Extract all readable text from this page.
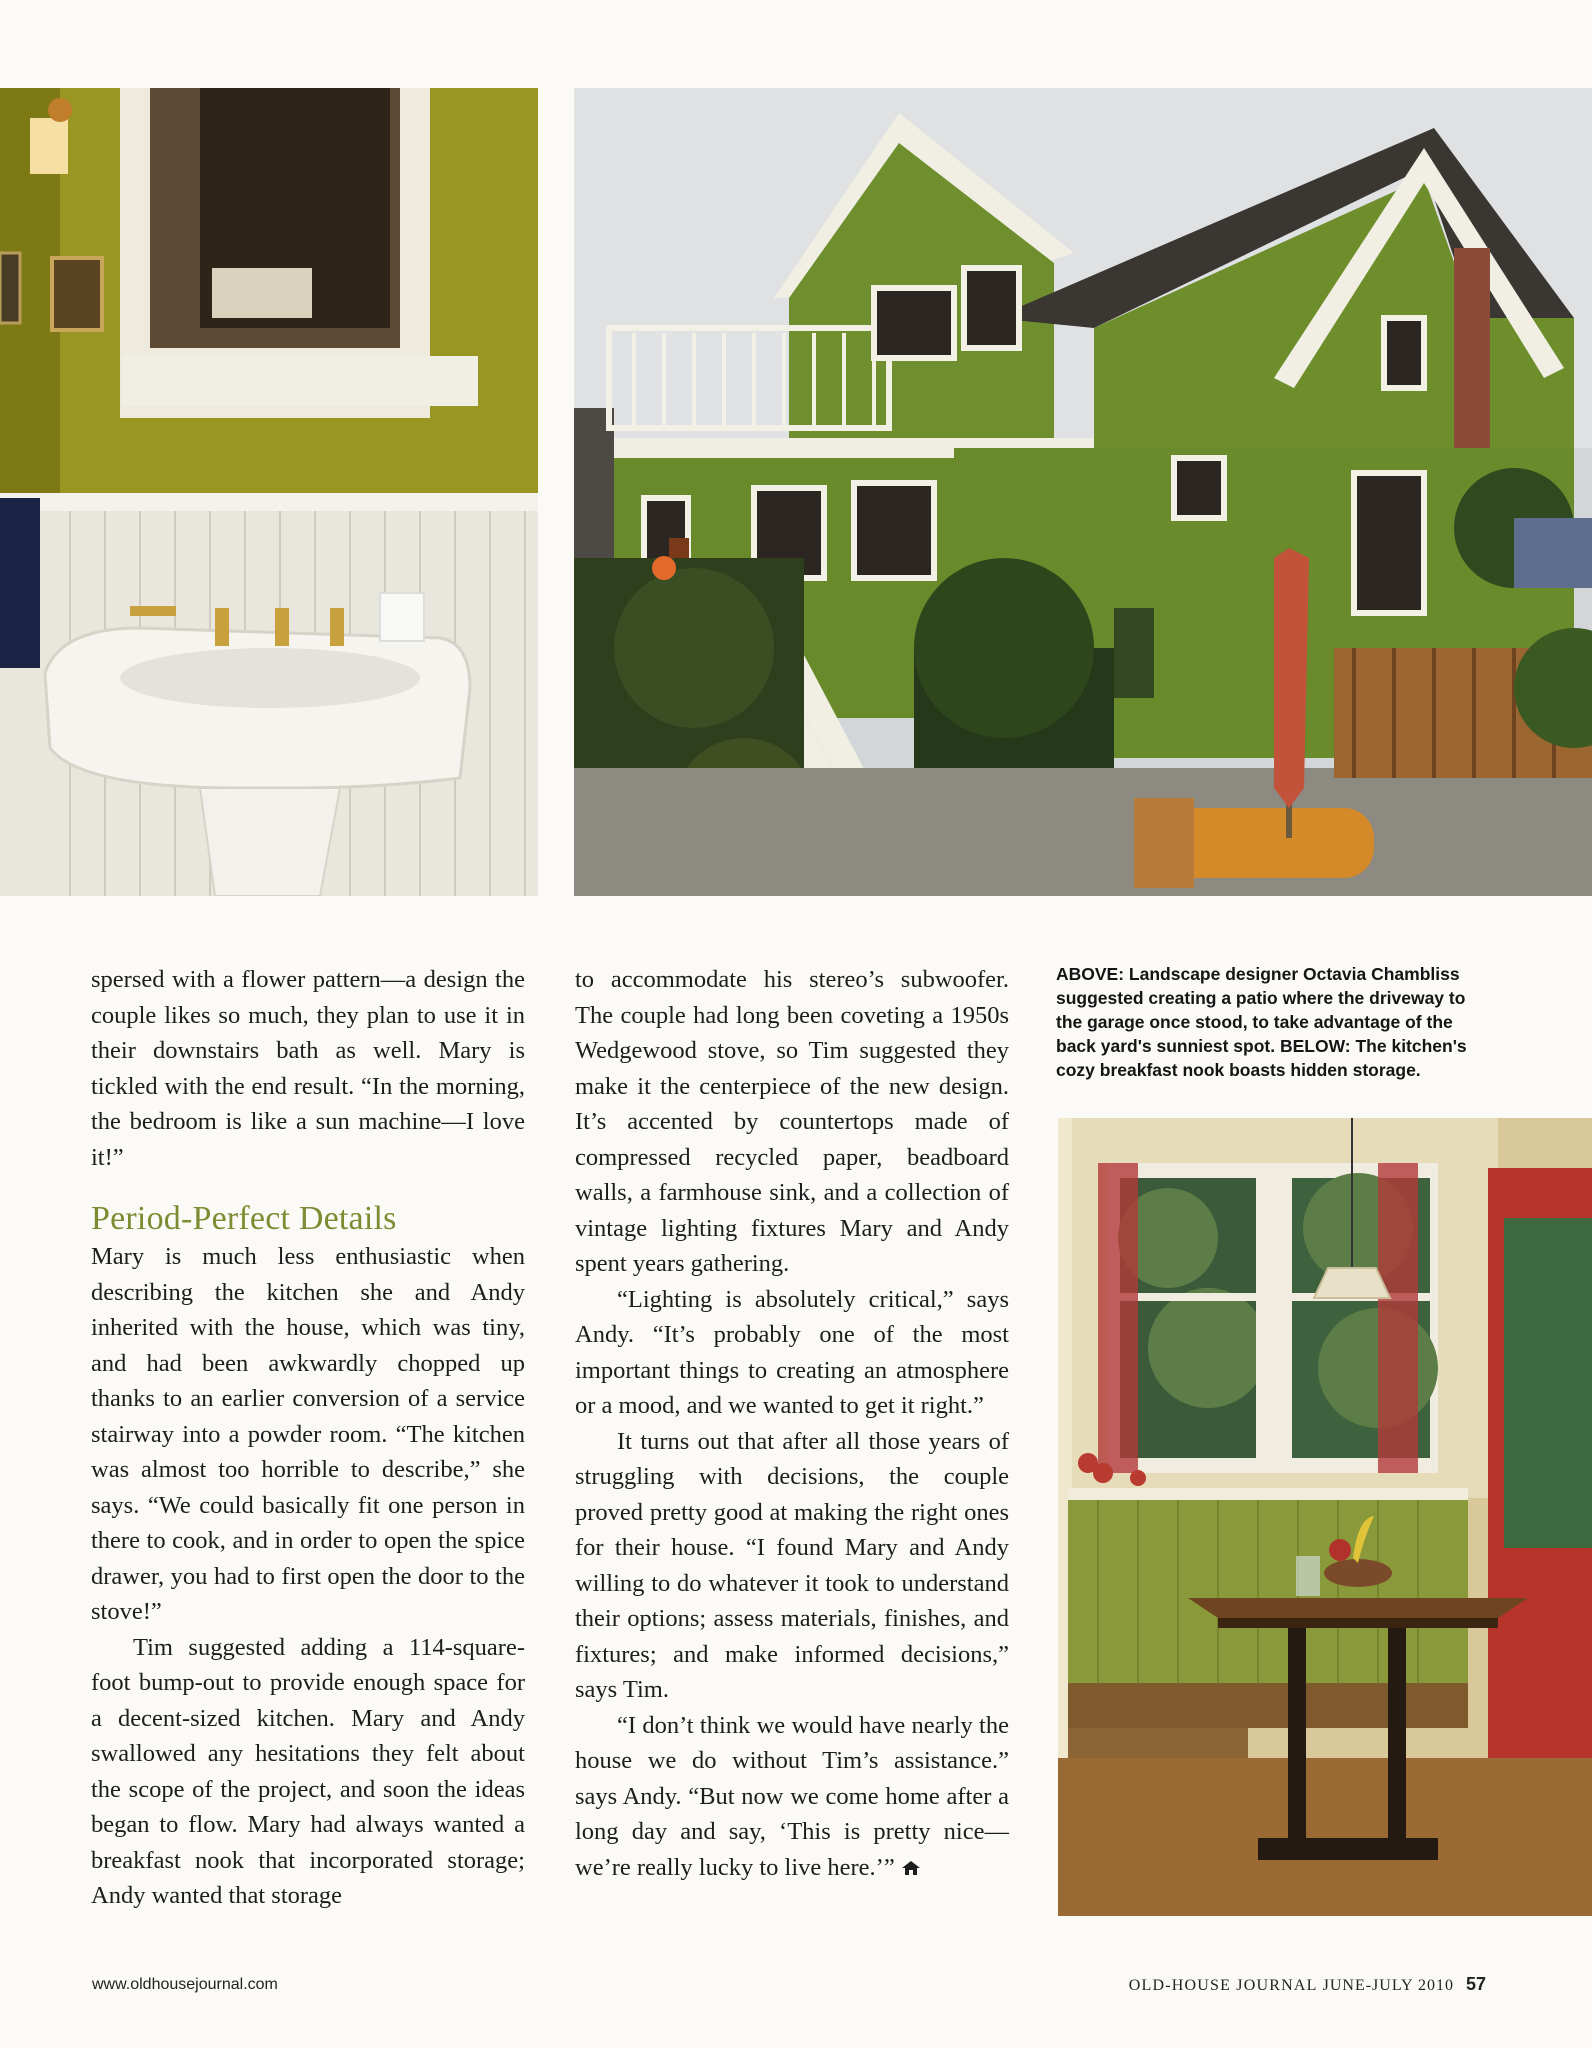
spersed with a flower pattern—a design the couple likes so much, they plan to use it in their downstairs bath as well. Mary is tickled with the end result. “In the morning, the bedroom is like a sun machine—I love it!”

Period-Perfect Details

Mary is much less enthusiastic when describing the kitchen she and Andy inherited with the house, which was tiny, and had been awkwardly chopped up thanks to an earlier conversion of a service stairway into a powder room. “The kitchen was almost too horrible to describe,” she says. “We could basically fit one person in there to cook, and in order to open the spice drawer, you had to first open the door to the stove!”

Tim suggested adding a 114-square-foot bump-out to provide enough space for a decent-sized kitchen. Mary and Andy swallowed any hesitations they felt about the scope of the project, and soon the ideas began to flow. Mary had always wanted a breakfast nook that incorporated storage; Andy wanted that storage

to accommodate his stereo’s subwoofer. The couple had long been coveting a 1950s Wedgewood stove, so Tim suggested they make it the centerpiece of the new design. It’s accented by countertops made of compressed recycled paper, beadboard walls, a farmhouse sink, and a collection of vintage lighting fixtures Mary and Andy spent years gathering.

“Lighting is absolutely critical,” says Andy. “It’s probably one of the most important things to creating an atmosphere or a mood, and we wanted to get it right.”

It turns out that after all those years of struggling with decisions, the couple proved pretty good at making the right ones for their house. “I found Mary and Andy willing to do whatever it took to understand their options; assess materials, finishes, and fixtures; and make informed decisions,” says Tim.

“I don’t think we would have nearly the house we do without Tim’s assistance.” says Andy. “But now we come home after a long day and say, ‘This is pretty nice—we’re really lucky to live here.’”

ABOVE: Landscape designer Octavia Chambliss suggested creating a patio where the driveway to the garage once stood, to take advantage of the back yard's sunniest spot. BELOW: The kitchen's cozy breakfast nook boasts hidden storage.
www.oldhousejournal.com	OLD-HOUSE JOURNAL JUNE-JULY 2010 57
